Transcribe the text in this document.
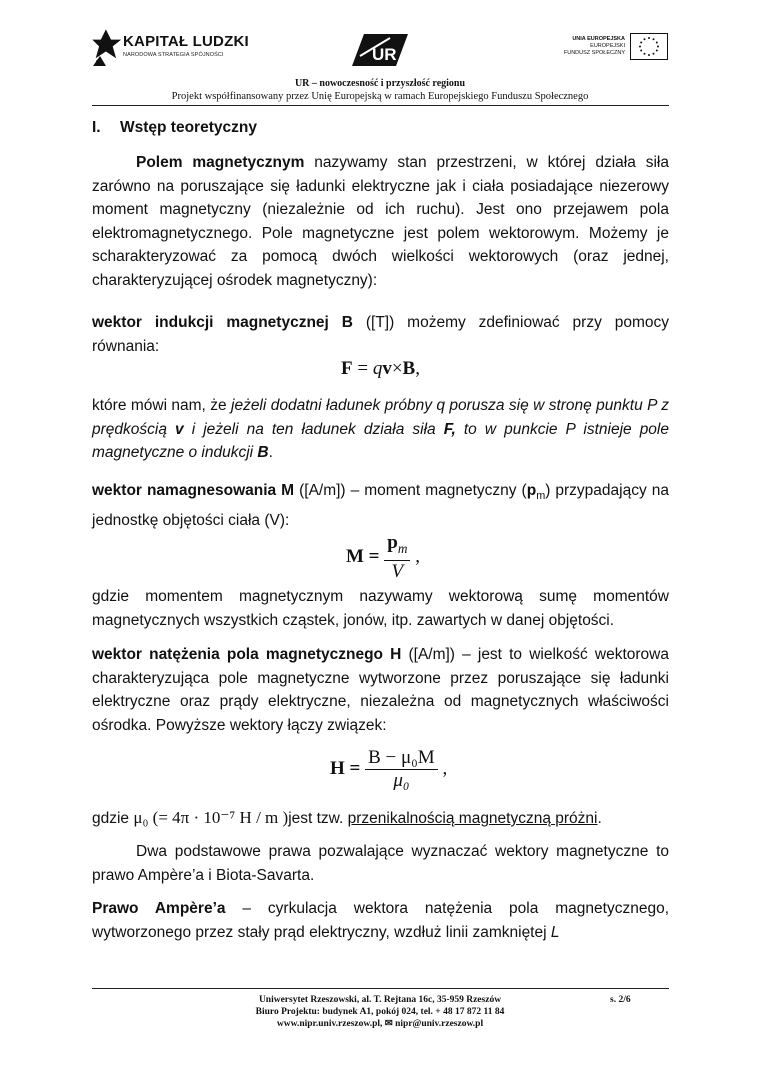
KAPITAŁ LUDZKI
NARODOWA STRATEGIA SPÓJNOŚCI	UR
UNIA EUROPEJSKA
EUROPEJSKI
FUNDUSZ SPOŁECZNY
UR – nowoczesność i przyszłość regionu
Projekt współfinansowany przez Unię Europejską w ramach Europejskiego Funduszu Społecznego
I. Wstęp teoretyczny
Polem magnetycznym nazywamy stan przestrzeni, w której działa siła zarówno na poruszające się ładunki elektryczne jak i ciała posiadające niezerowy moment magnetyczny (niezależnie od ich ruchu). Jest ono przejawem pola elektromagnetycznego. Pole magnetyczne jest polem wektorowym. Możemy je scharakteryzować za pomocą dwóch wielkości wektorowych (oraz jednej, charakteryzującej ośrodek magnetyczny):
wektor indukcji magnetycznej B ([T]) możemy zdefiniować przy pomocy równania:
F = qv×B,
które mówi nam, że jeżeli dodatni ładunek próbny q porusza się w stronę punktu P z prędkością v i jeżeli na ten ładunek działa siła F, to w punkcie P istnieje pole magnetyczne o indukcji B.
wektor namagnesowania M ([A/m]) – moment magnetyczny $(p_m)$ przypadający na jednostkę objętości ciała (V):
$M = \frac{p_m}{V}$ ,
gdzie momentem magnetycznym nazywamy wektorową sumę momentów magnetycznych wszystkich cząstek, jonów, itp. zawartych w danej objętości.
wektor natężenia pola magnetycznego H ([A/m]) – jest to wielkość wektorowa charakteryzująca pole magnetyczne wytworzone przez poruszające się ładunki elektryczne oraz prądy elektryczne, niezależna od magnetycznych właściwości ośrodka. Powyższe wektory łączy związek:
$H = \frac{\text{B − μ₀M}}{\text{μ₀}}$ ,
gdzie μ₀ (= 4π · 10⁻⁷ H / m )jest tzw. przenikalnością magnetyczną próżni.
Dwa podstawowe prawa pozwalające wyznaczać wektory magnetyczne to prawo Ampère’a i Biota-Savarta.
Prawo Ampère’a – cyrkulacja wektora natężenia pola magnetycznego, wytworzonego przez stały prąd elektryczny, wzdłuż linii zamkniętej L
Uniwersytet Rzeszowski, al. T. Rejtana 16c, 35-959 Rzeszów
Biuro Projektu: budynek A1, pokój 024, tel. + 48 17 872 11 84
www.nipr.univ.rzeszow.pl, ✉ nipr@univ.rzeszow.pl
s. 2/6
